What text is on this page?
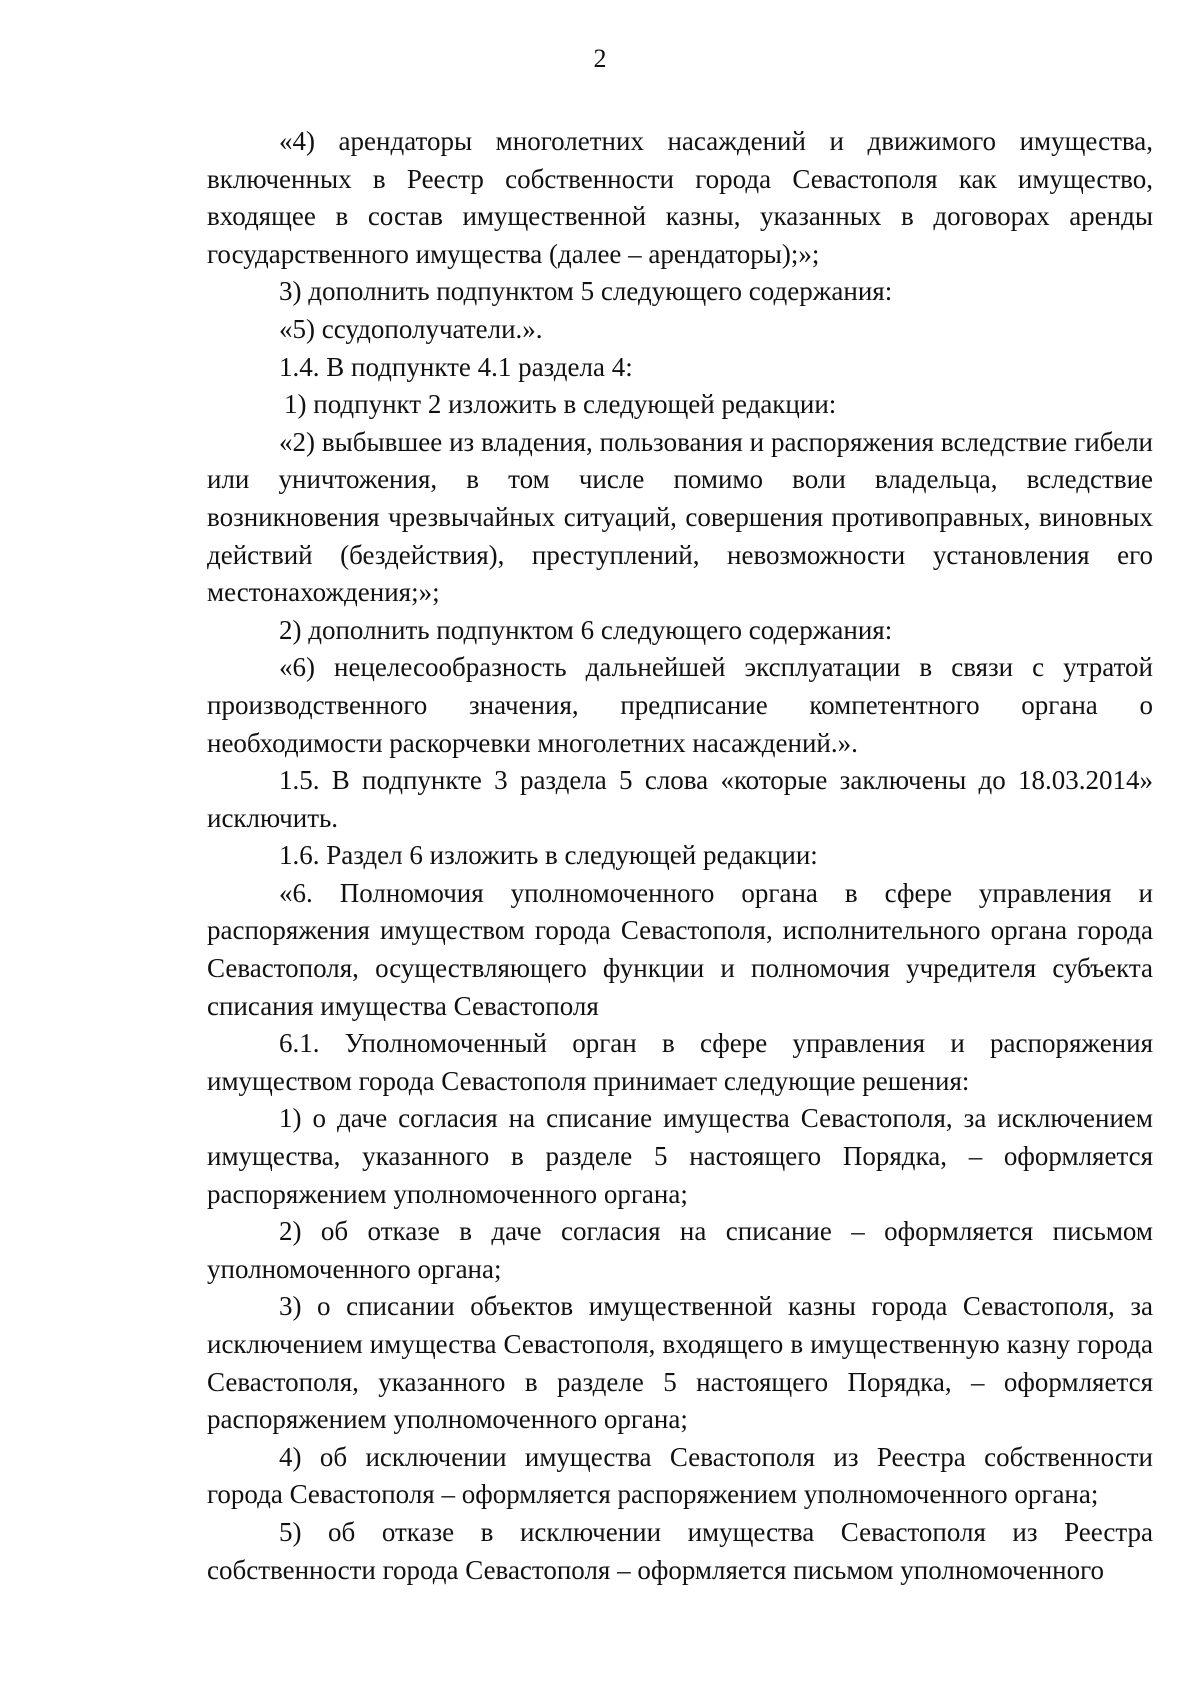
2

«4) арендаторы многолетних насаждений и движимого имущества, включенных в Реестр собственности города Севастополя как имущество, входящее в состав имущественной казны, указанных в договорах аренды государственного имущества (далее – арендаторы);»;

3) дополнить подпунктом 5 следующего содержания:

«5) ссудополучатели.».

1.4. В подпункте 4.1 раздела 4:

1) подпункт 2 изложить в следующей редакции:

«2) выбывшее из владения, пользования и распоряжения вследствие гибели или уничтожения, в том числе помимо воли владельца, вследствие возникновения чрезвычайных ситуаций, совершения противоправных, виновных действий (бездействия), преступлений, невозможности установления его местонахождения;»;

2) дополнить подпунктом 6 следующего содержания:

«6) нецелесообразность дальнейшей эксплуатации в связи с утратой производственного значения, предписание компетентного органа о необходимости раскорчевки многолетних насаждений.».

1.5. В подпункте 3 раздела 5 слова «которые заключены до 18.03.2014» исключить.

1.6. Раздел 6 изложить в следующей редакции:

«6. Полномочия уполномоченного органа в сфере управления и распоряжения имуществом города Севастополя, исполнительного органа города Севастополя, осуществляющего функции и полномочия учредителя субъекта списания имущества Севастополя

6.1. Уполномоченный орган в сфере управления и распоряжения имуществом города Севастополя принимает следующие решения:

1) о даче согласия на списание имущества Севастополя, за исключением имущества, указанного в разделе 5 настоящего Порядка, – оформляется распоряжением уполномоченного органа;

2) об отказе в даче согласия на списание – оформляется письмом уполномоченного органа;

3) о списании объектов имущественной казны города Севастополя, за исключением имущества Севастополя, входящего в имущественную казну города Севастополя, указанного в разделе 5 настоящего Порядка, – оформляется распоряжением уполномоченного органа;

4) об исключении имущества Севастополя из Реестра собственности города Севастополя – оформляется распоряжением уполномоченного органа;

5) об отказе в исключении имущества Севастополя из Реестра собственности города Севастополя – оформляется письмом уполномоченного
